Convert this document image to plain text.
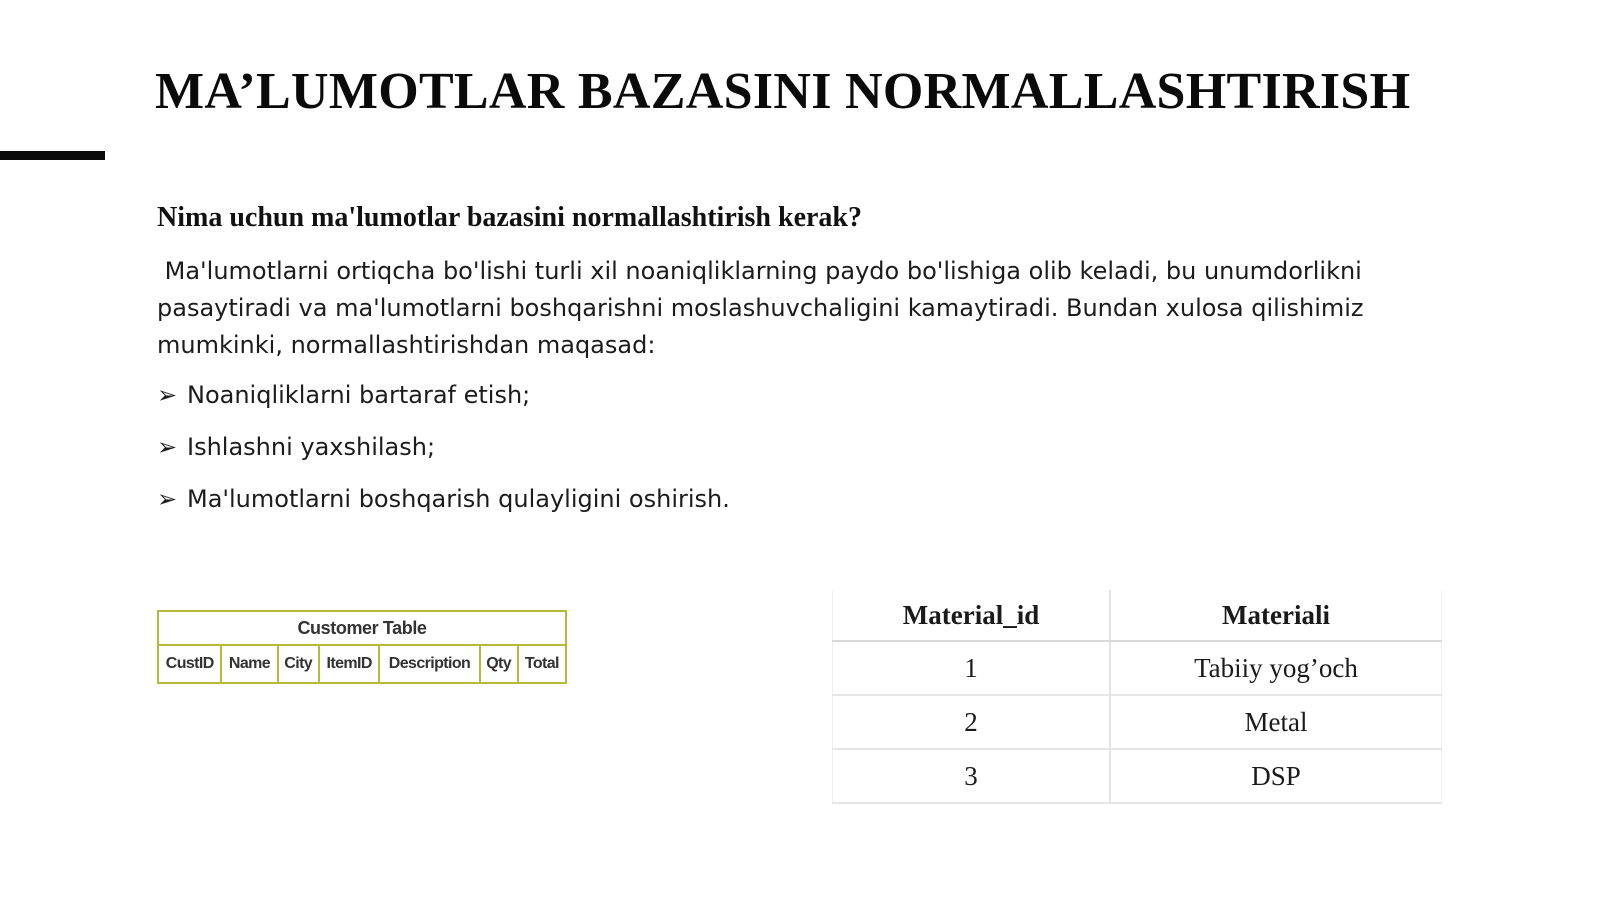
MA’LUMOTLAR BAZASINI NORMALLASHTIRISH
Nima uchun ma'lumotlar bazasini normallashtirish kerak?

Ma'lumotlarni ortiqcha bo'lishi turli xil noaniqliklarning paydo bo'lishiga olib keladi, bu unumdorlikni pasaytiradi va ma'lumotlarni boshqarishni moslashuvchaligini kamaytiradi. Bundan xulosa qilishimiz mumkinki, normallashtirishdan maqasad:

➢ Noaniqliklarni bartaraf etish;
➢ Ishlashni yaxshilash;
➢ Ma'lumotlarni boshqarish qulayligini oshirish.
Customer Table
CustID	Name	City	ItemID	Description	Qty	Total
Material_id	Materiali
1	Tabiiy yog’och
2	Metal
3	DSP
